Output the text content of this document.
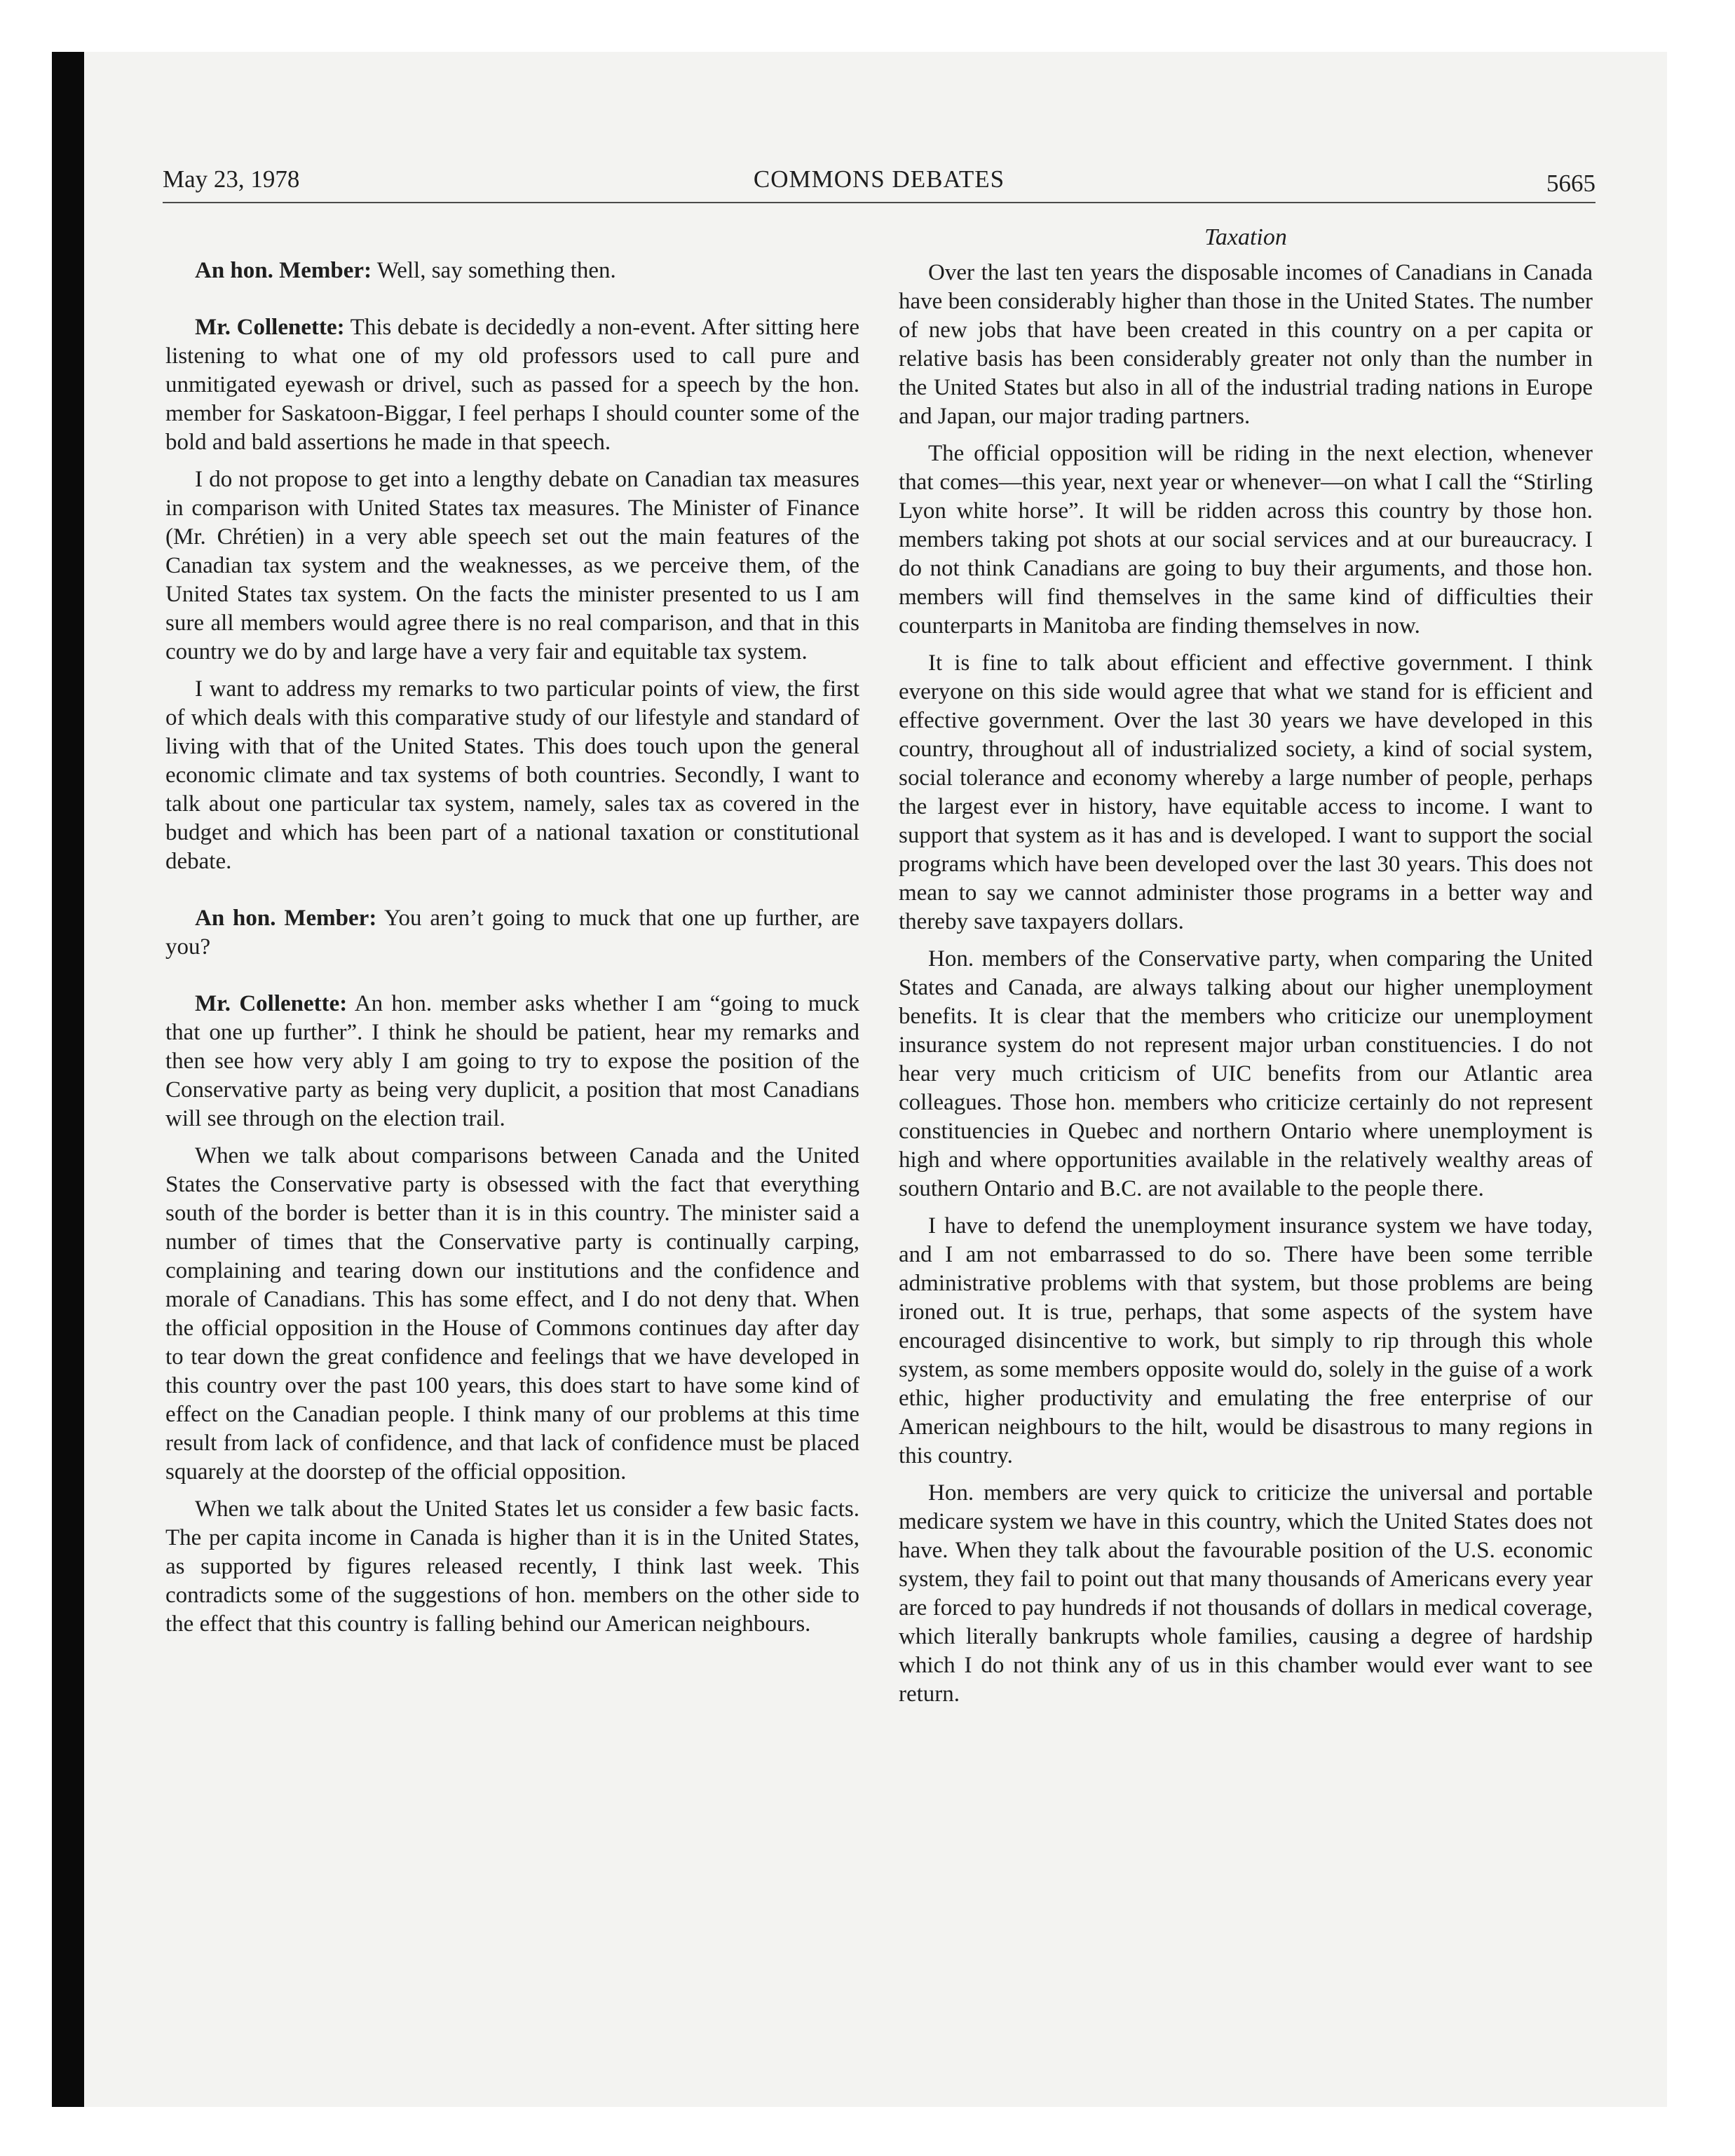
May 23, 1978	COMMONS DEBATES	5665

An hon. Member: Well, say something then.

Mr. Collenette: This debate is decidedly a non-event. After sitting here listening to what one of my old professors used to call pure and unmitigated eyewash or drivel, such as passed for a speech by the hon. member for Saskatoon-Biggar, I feel perhaps I should counter some of the bold and bald assertions he made in that speech.

I do not propose to get into a lengthy debate on Canadian tax measures in comparison with United States tax measures. The Minister of Finance (Mr. Chrétien) in a very able speech set out the main features of the Canadian tax system and the weaknesses, as we perceive them, of the United States tax system. On the facts the minister presented to us I am sure all members would agree there is no real comparison, and that in this country we do by and large have a very fair and equitable tax system.

I want to address my remarks to two particular points of view, the first of which deals with this comparative study of our lifestyle and standard of living with that of the United States. This does touch upon the general economic climate and tax systems of both countries. Secondly, I want to talk about one particular tax system, namely, sales tax as covered in the budget and which has been part of a national taxation or constitutional debate.

An hon. Member: You aren’t going to muck that one up further, are you?

Mr. Collenette: An hon. member asks whether I am “going to muck that one up further”. I think he should be patient, hear my remarks and then see how very ably I am going to try to expose the position of the Conservative party as being very duplicit, a position that most Canadians will see through on the election trail.

When we talk about comparisons between Canada and the United States the Conservative party is obsessed with the fact that everything south of the border is better than it is in this country. The minister said a number of times that the Conservative party is continually carping, complaining and tearing down our institutions and the confidence and morale of Canadians. This has some effect, and I do not deny that. When the official opposition in the House of Commons continues day after day to tear down the great confidence and feelings that we have developed in this country over the past 100 years, this does start to have some kind of effect on the Canadian people. I think many of our problems at this time result from lack of confidence, and that lack of confidence must be placed squarely at the doorstep of the official opposition.

When we talk about the United States let us consider a few basic facts. The per capita income in Canada is higher than it is in the United States, as supported by figures released recently, I think last week. This contradicts some of the suggestions of hon. members on the other side to the effect that this country is falling behind our American neighbours.

Taxation

Over the last ten years the disposable incomes of Canadians in Canada have been considerably higher than those in the United States. The number of new jobs that have been created in this country on a per capita or relative basis has been considerably greater not only than the number in the United States but also in all of the industrial trading nations in Europe and Japan, our major trading partners.

The official opposition will be riding in the next election, whenever that comes—this year, next year or whenever—on what I call the “Stirling Lyon white horse”. It will be ridden across this country by those hon. members taking pot shots at our social services and at our bureaucracy. I do not think Canadians are going to buy their arguments, and those hon. members will find themselves in the same kind of difficulties their counterparts in Manitoba are finding themselves in now.

It is fine to talk about efficient and effective government. I think everyone on this side would agree that what we stand for is efficient and effective government. Over the last 30 years we have developed in this country, throughout all of industrialized society, a kind of social system, social tolerance and economy whereby a large number of people, perhaps the largest ever in history, have equitable access to income. I want to support that system as it has and is developed. I want to support the social programs which have been developed over the last 30 years. This does not mean to say we cannot administer those programs in a better way and thereby save taxpayers dollars.

Hon. members of the Conservative party, when comparing the United States and Canada, are always talking about our higher unemployment benefits. It is clear that the members who criticize our unemployment insurance system do not represent major urban constituencies. I do not hear very much criticism of UIC benefits from our Atlantic area colleagues. Those hon. members who criticize certainly do not represent constituencies in Quebec and northern Ontario where unemployment is high and where opportunities available in the relatively wealthy areas of southern Ontario and B.C. are not available to the people there.

I have to defend the unemployment insurance system we have today, and I am not embarrassed to do so. There have been some terrible administrative problems with that system, but those problems are being ironed out. It is true, perhaps, that some aspects of the system have encouraged disincentive to work, but simply to rip through this whole system, as some members opposite would do, solely in the guise of a work ethic, higher productivity and emulating the free enterprise of our American neighbours to the hilt, would be disastrous to many regions in this country.

Hon. members are very quick to criticize the universal and portable medicare system we have in this country, which the United States does not have. When they talk about the favourable position of the U.S. economic system, they fail to point out that many thousands of Americans every year are forced to pay hundreds if not thousands of dollars in medical coverage, which literally bankrupts whole families, causing a degree of hardship which I do not think any of us in this chamber would ever want to see return.
